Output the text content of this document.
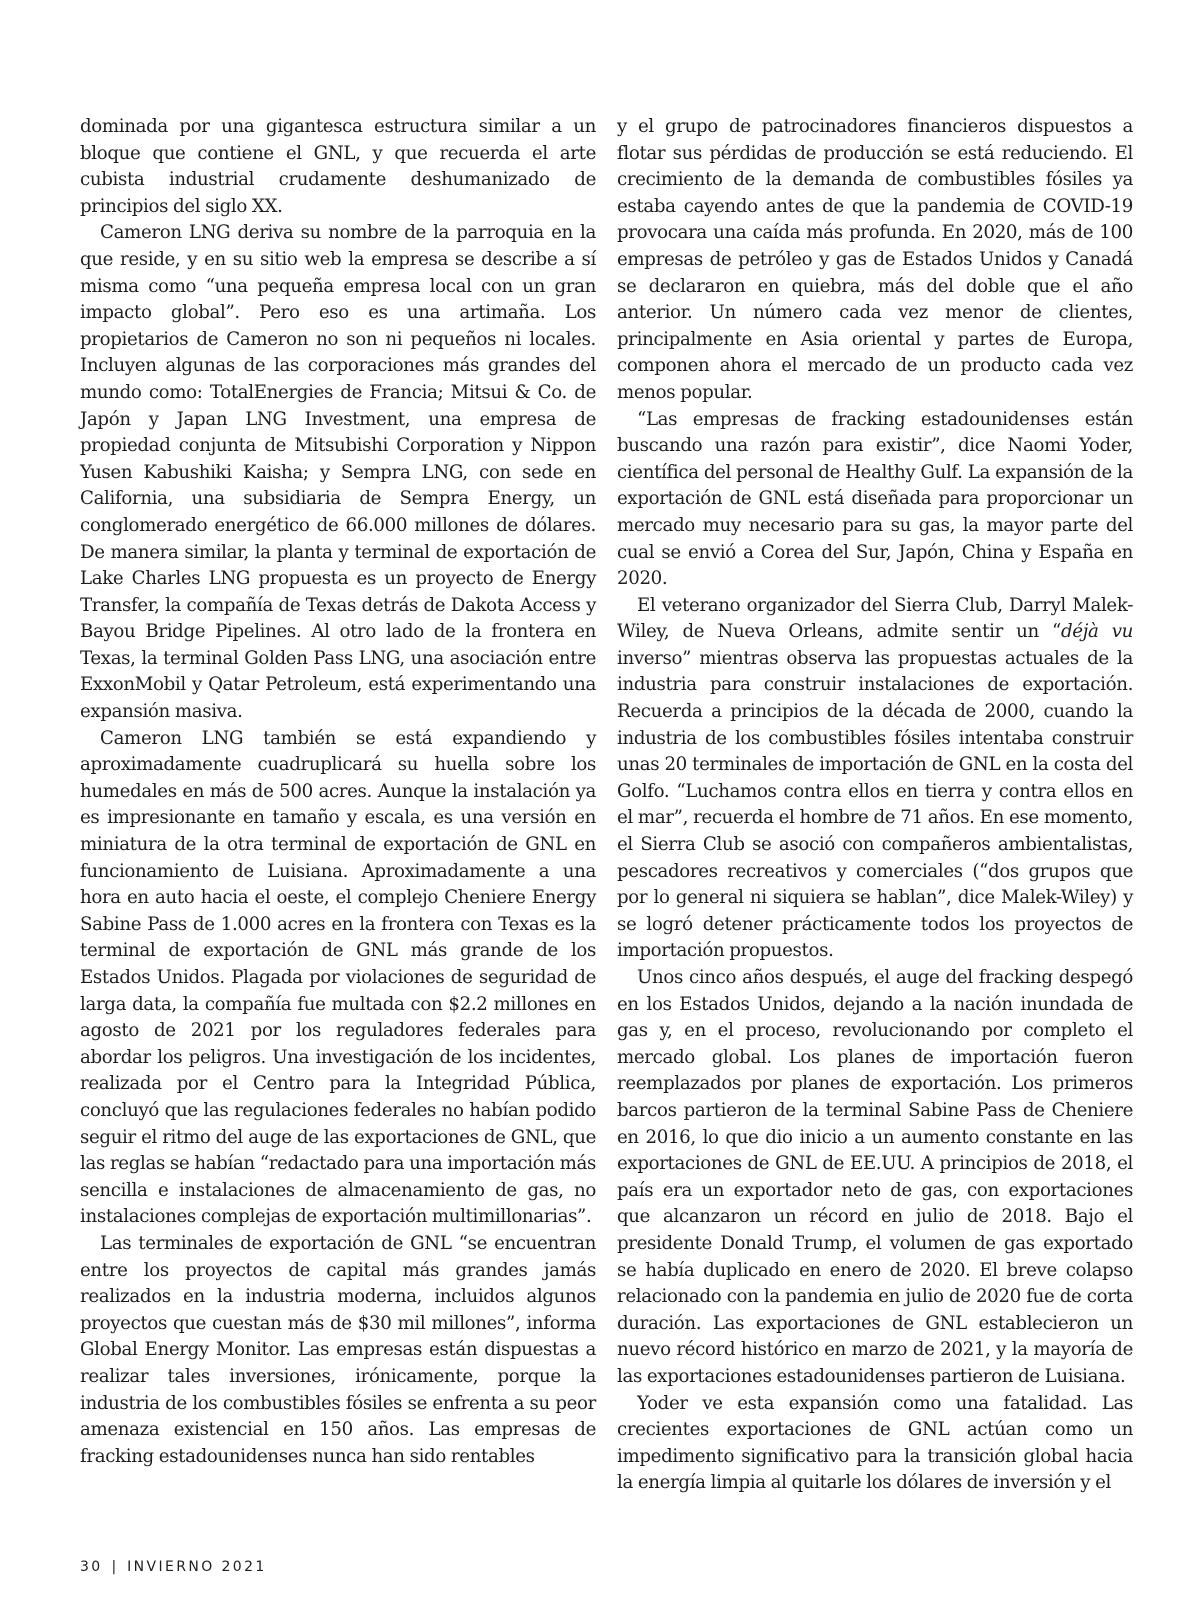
dominada por una gigantesca estructura similar a un bloque que contiene el GNL, y que recuerda el arte cubista industrial crudamente deshumanizado de principios del siglo XX.

Cameron LNG deriva su nombre de la parroquia en la que reside, y en su sitio web la empresa se describe a sí misma como “una pequeña empresa local con un gran impacto global”. Pero eso es una artimaña. Los propietarios de Cameron no son ni pequeños ni locales. Incluyen algunas de las corporaciones más grandes del mundo como: TotalEnergies de Francia; Mitsui & Co. de Japón y Japan LNG Investment, una empresa de propiedad conjunta de Mitsubishi Corporation y Nippon Yusen Kabushiki Kaisha; y Sempra LNG, con sede en California, una subsidiaria de Sempra Energy, un conglomerado energético de 66.000 millones de dólares. De manera similar, la planta y terminal de exportación de Lake Charles LNG propuesta es un proyecto de Energy Transfer, la compañía de Texas detrás de Dakota Access y Bayou Bridge Pipelines. Al otro lado de la frontera en Texas, la terminal Golden Pass LNG, una asociación entre ExxonMobil y Qatar Petroleum, está experimentando una expansión masiva.

Cameron LNG también se está expandiendo y aproximadamente cuadruplicará su huella sobre los humedales en más de 500 acres. Aunque la instalación ya es impresionante en tamaño y escala, es una versión en miniatura de la otra terminal de exportación de GNL en funcionamiento de Luisiana. Aproximadamente a una hora en auto hacia el oeste, el complejo Cheniere Energy Sabine Pass de 1.000 acres en la frontera con Texas es la terminal de exportación de GNL más grande de los Estados Unidos. Plagada por violaciones de seguridad de larga data, la compañía fue multada con $2.2 millones en agosto de 2021 por los reguladores federales para abordar los peligros. Una investigación de los incidentes, realizada por el Centro para la Integridad Pública, concluyó que las regulaciones federales no habían podido seguir el ritmo del auge de las exportaciones de GNL, que las reglas se habían “redactado para una importación más sencilla e instalaciones de almacenamiento de gas, no instalaciones complejas de exportación multimillonarias”.

Las terminales de exportación de GNL “se encuentran entre los proyectos de capital más grandes jamás realizados en la industria moderna, incluidos algunos proyectos que cuestan más de $30 mil millones”, informa Global Energy Monitor. Las empresas están dispuestas a realizar tales inversiones, irónicamente, porque la industria de los combustibles fósiles se enfrenta a su peor amenaza existencial en 150 años. Las empresas de fracking estadounidenses nunca han sido rentables

y el grupo de patrocinadores financieros dispuestos a flotar sus pérdidas de producción se está reduciendo. El crecimiento de la demanda de combustibles fósiles ya estaba cayendo antes de que la pandemia de COVID-19 provocara una caída más profunda. En 2020, más de 100 empresas de petróleo y gas de Estados Unidos y Canadá se declararon en quiebra, más del doble que el año anterior. Un número cada vez menor de clientes, principalmente en Asia oriental y partes de Europa, componen ahora el mercado de un producto cada vez menos popular.

“Las empresas de fracking estadounidenses están buscando una razón para existir”, dice Naomi Yoder, científica del personal de Healthy Gulf. La expansión de la exportación de GNL está diseñada para proporcionar un mercado muy necesario para su gas, la mayor parte del cual se envió a Corea del Sur, Japón, China y España en 2020.

El veterano organizador del Sierra Club, Darryl Malek-Wiley, de Nueva Orleans, admite sentir un “déjà vu inverso” mientras observa las propuestas actuales de la industria para construir instalaciones de exportación. Recuerda a principios de la década de 2000, cuando la industria de los combustibles fósiles intentaba construir unas 20 terminales de importación de GNL en la costa del Golfo. “Luchamos contra ellos en tierra y contra ellos en el mar”, recuerda el hombre de 71 años. En ese momento, el Sierra Club se asoció con compañeros ambientalistas, pescadores recreativos y comerciales (“dos grupos que por lo general ni siquiera se hablan”, dice Malek-Wiley) y se logró detener prácticamente todos los proyectos de importación propuestos.

Unos cinco años después, el auge del fracking despegó en los Estados Unidos, dejando a la nación inundada de gas y, en el proceso, revolucionando por completo el mercado global. Los planes de importación fueron reemplazados por planes de exportación. Los primeros barcos partieron de la terminal Sabine Pass de Cheniere en 2016, lo que dio inicio a un aumento constante en las exportaciones de GNL de EE.UU. A principios de 2018, el país era un exportador neto de gas, con exportaciones que alcanzaron un récord en julio de 2018. Bajo el presidente Donald Trump, el volumen de gas exportado se había duplicado en enero de 2020. El breve colapso relacionado con la pandemia en julio de 2020 fue de corta duración. Las exportaciones de GNL establecieron un nuevo récord histórico en marzo de 2021, y la mayoría de las exportaciones estadounidenses partieron de Luisiana.

Yoder ve esta expansión como una fatalidad. Las crecientes exportaciones de GNL actúan como un impedimento significativo para la transición global hacia la energía limpia al quitarle los dólares de inversión y el

30 | INVIERNO 2021
